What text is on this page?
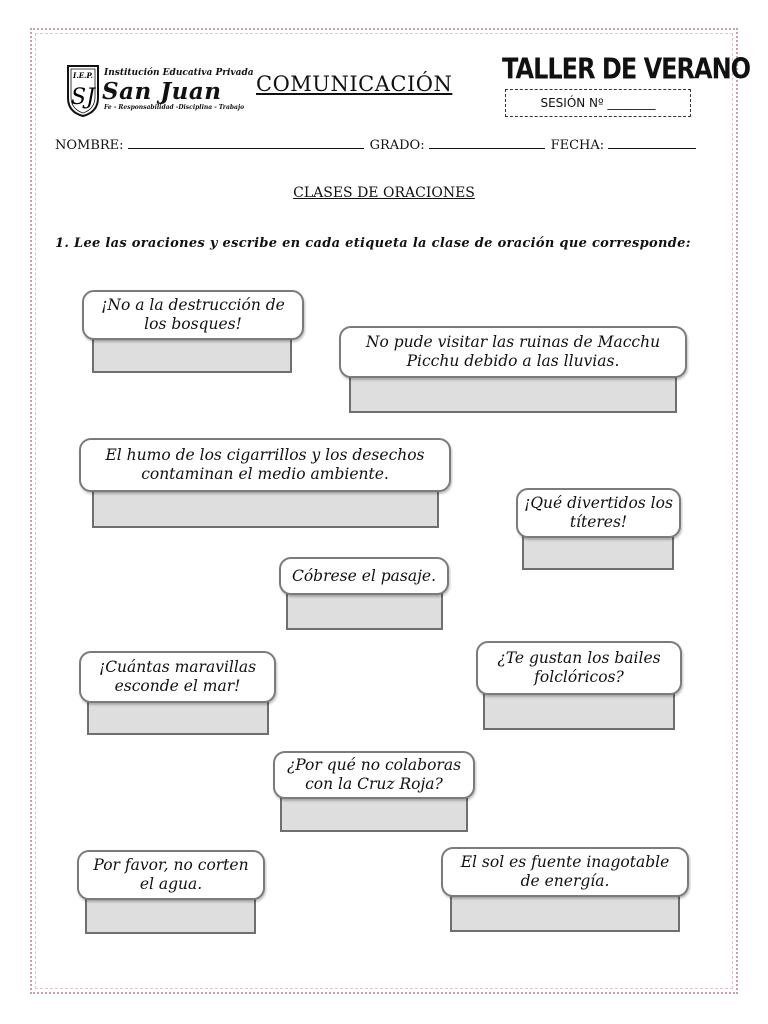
I.E.P.
SJ
Institución Educativa Privada
San Juan
Fe - Responsabilidad -Disciplina - Trabajo
COMUNICACIÓN TALLER DE VERANO
SESIÓN Nº ________
NOMBRE:	GRADO:	FECHA:
CLASES DE ORACIONES
1. Lee las oraciones y escribe en cada etiqueta la clase de oración que corresponde:
¡No a la destrucción de los bosques!
No pude visitar las ruinas de Macchu Picchu debido a las lluvias.
El humo de los cigarrillos y los desechos contaminan el medio ambiente.
¡Qué divertidos los títeres!
Cóbrese el pasaje.
¡Cuántas maravillas esconde el mar!
¿Te gustan los bailes folclóricos?
¿Por qué no colaboras con la Cruz Roja?
Por favor, no corten el agua.
El sol es fuente inagotable de energía.
